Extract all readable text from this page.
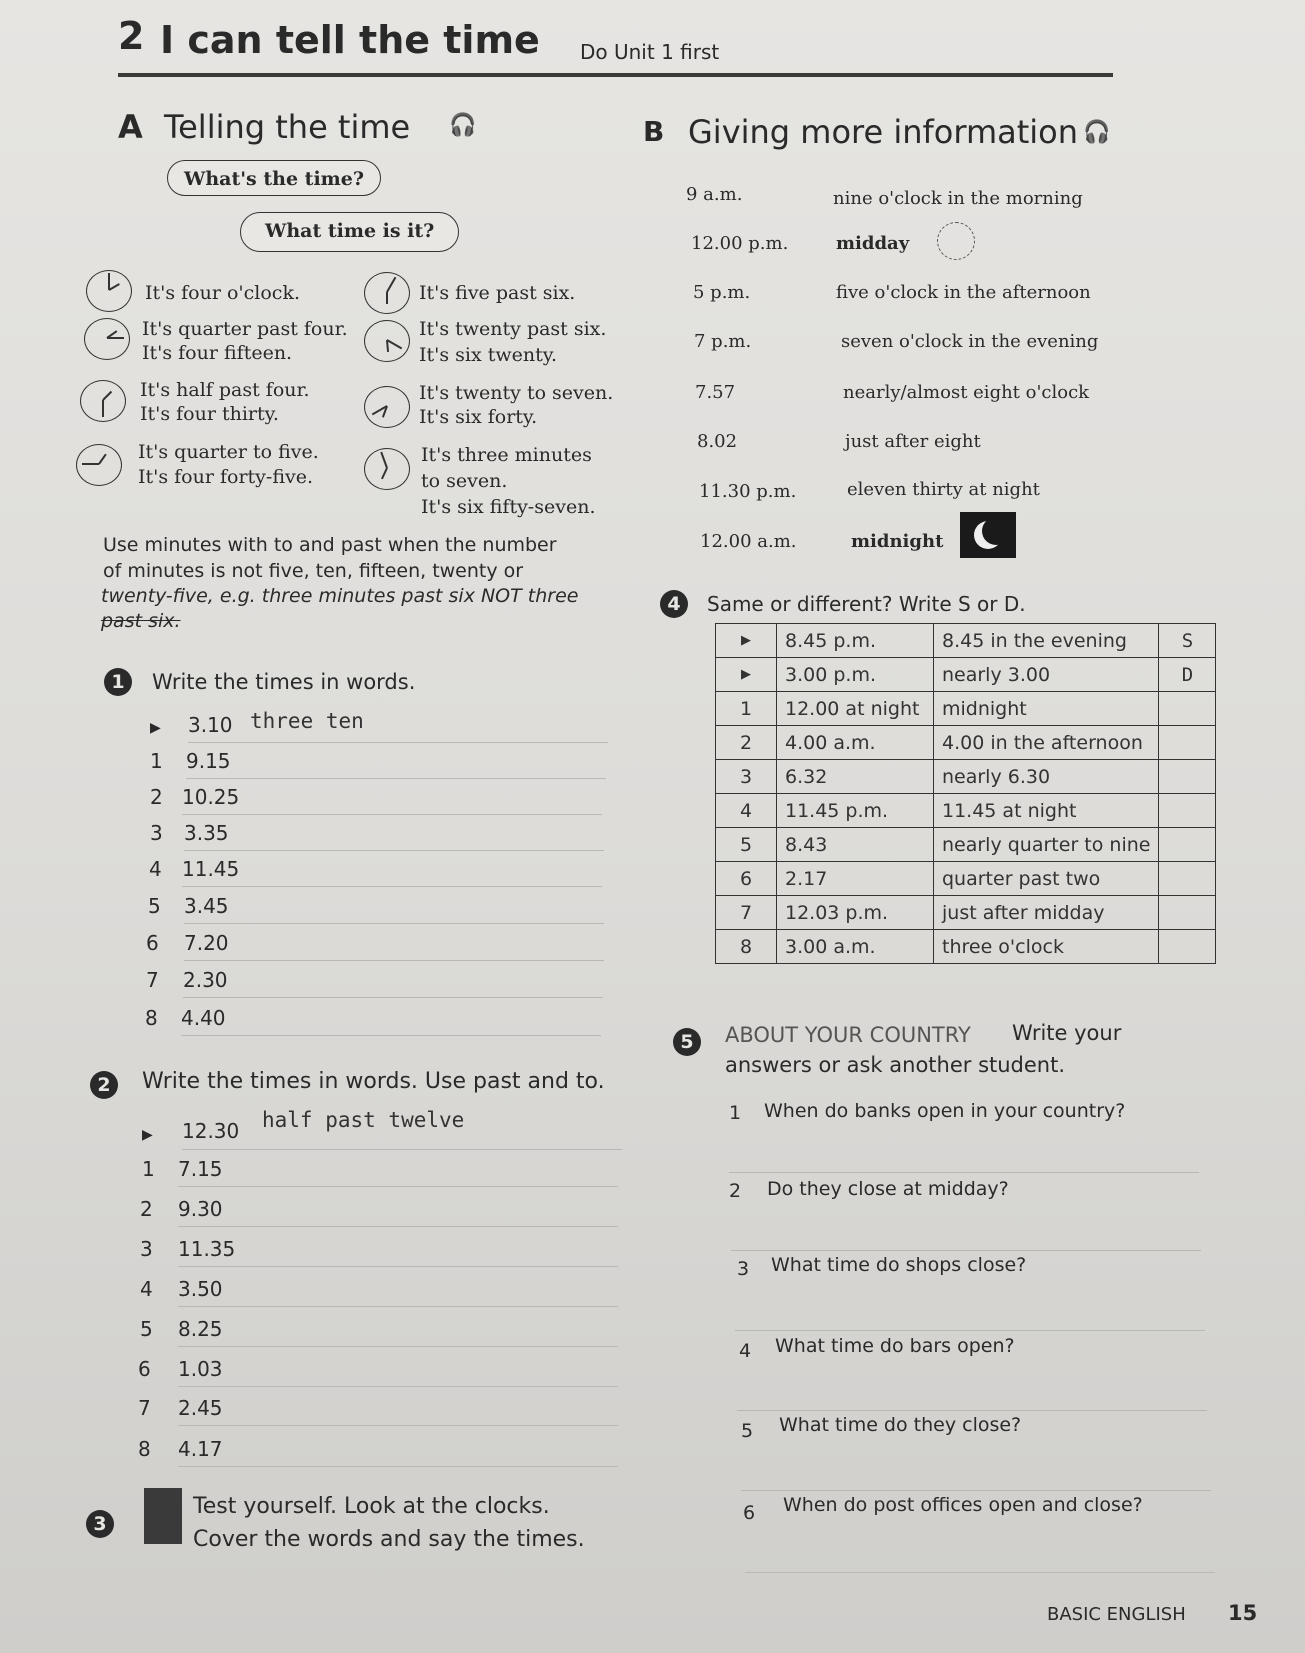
2 I can tell the time Do Unit 1 first
A Telling the time 🎧	B Giving more information 🎧
What's the time?
What time is it?
It's four o'clock.
It's quarter past four.
It's four fifteen.
It's half past four.
It's four thirty.
It's quarter to five.
It's four forty-five.
It's five past six.
It's twenty past six.
It's six twenty.
It's twenty to seven.
It's six forty.
It's three minutes
to seven.
It's six fifty-seven.
Use minutes with to and past when the number
of minutes is not five, ten, fifteen, twenty or
twenty-five, e.g. three minutes past six NOT three
past six.
9 a.m.	nine o'clock in the morning
12.00 p.m.	midday
5 p.m.	five o'clock in the afternoon
7 p.m.	seven o'clock in the evening
7.57	nearly/almost eight o'clock
8.02	just after eight
11.30 p.m.	eleven thirty at night
12.00 a.m.	midnight
1	Write the times in words.
▶ 3.10 three ten
1 9.15
2 10.25
3 3.35
4 11.45
5 3.45
6 7.20
7 2.30
8 4.40
2	Write the times in words. Use past and to.
▶ 12.30 half past twelve
1 7.15
2 9.30
3 11.35
4 3.50
5 8.25
6 1.03
7 2.45
8 4.17
3
Test yourself. Look at the clocks.
Cover the words and say the times.
4	Same or different? Write S or D.
▶	8.45 p.m.	8.45 in the evening	S
▶	3.00 p.m.	nearly 3.00	D
1	12.00 at night	midnight	
2	4.00 a.m.	4.00 in the afternoon	
3	6.32	nearly 6.30	
4	11.45 p.m.	11.45 at night	
5	8.43	nearly quarter to nine	
6	2.17	quarter past two	
7	12.03 p.m.	just after midday	
8	3.00 a.m.	three o'clock	
5	ABOUT YOUR COUNTRY Write your
answers or ask another student.
1 When do banks open in your country?
2 Do they close at midday?
3 What time do shops close?
4 What time do bars open?
5 What time do they close?
6 When do post offices open and close?
BASIC ENGLISH 15
